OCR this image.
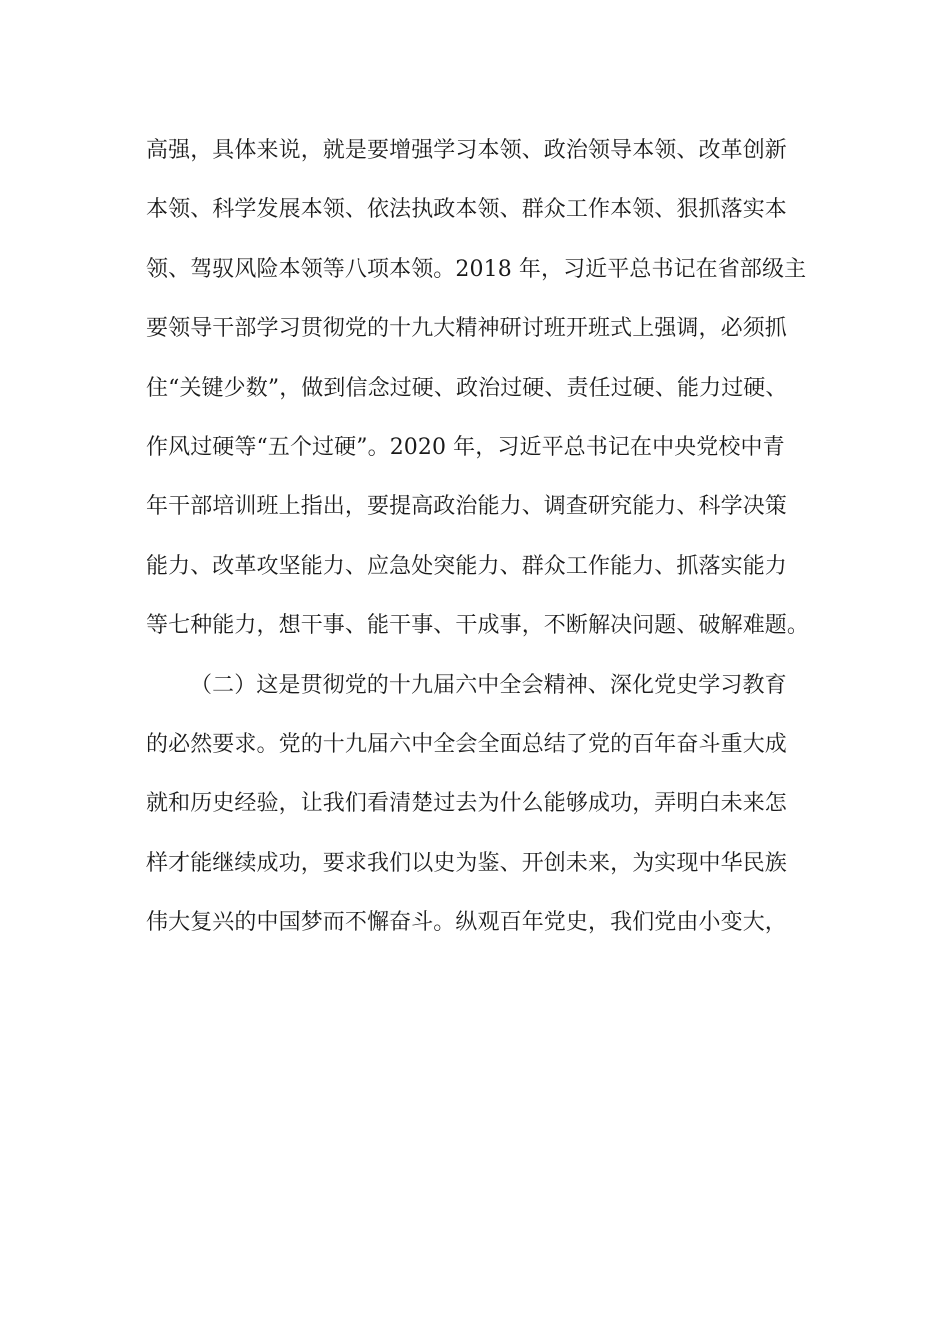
高强，具体来说，就是要增强学习本领、政治领导本领、改革创新
本领、科学发展本领、依法执政本领、群众工作本领、狠抓落实本
领、驾驭风险本领等八项本领。2018 年，习近平总书记在省部级主
要领导干部学习贯彻党的十九大精神研讨班开班式上强调，必须抓
住“关键少数”，做到信念过硬、政治过硬、责任过硬、能力过硬、
作风过硬等“五个过硬”。2020 年，习近平总书记在中央党校中青
年干部培训班上指出，要提高政治能力、调查研究能力、科学决策
能力、改革攻坚能力、应急处突能力、群众工作能力、抓落实能力
等七种能力，想干事、能干事、干成事，不断解决问题、破解难题。
（二）这是贯彻党的十九届六中全会精神、深化党史学习教育
的必然要求。党的十九届六中全会全面总结了党的百年奋斗重大成
就和历史经验，让我们看清楚过去为什么能够成功，弄明白未来怎
样才能继续成功，要求我们以史为鉴、开创未来，为实现中华民族
伟大复兴的中国梦而不懈奋斗。纵观百年党史，我们党由小变大，
